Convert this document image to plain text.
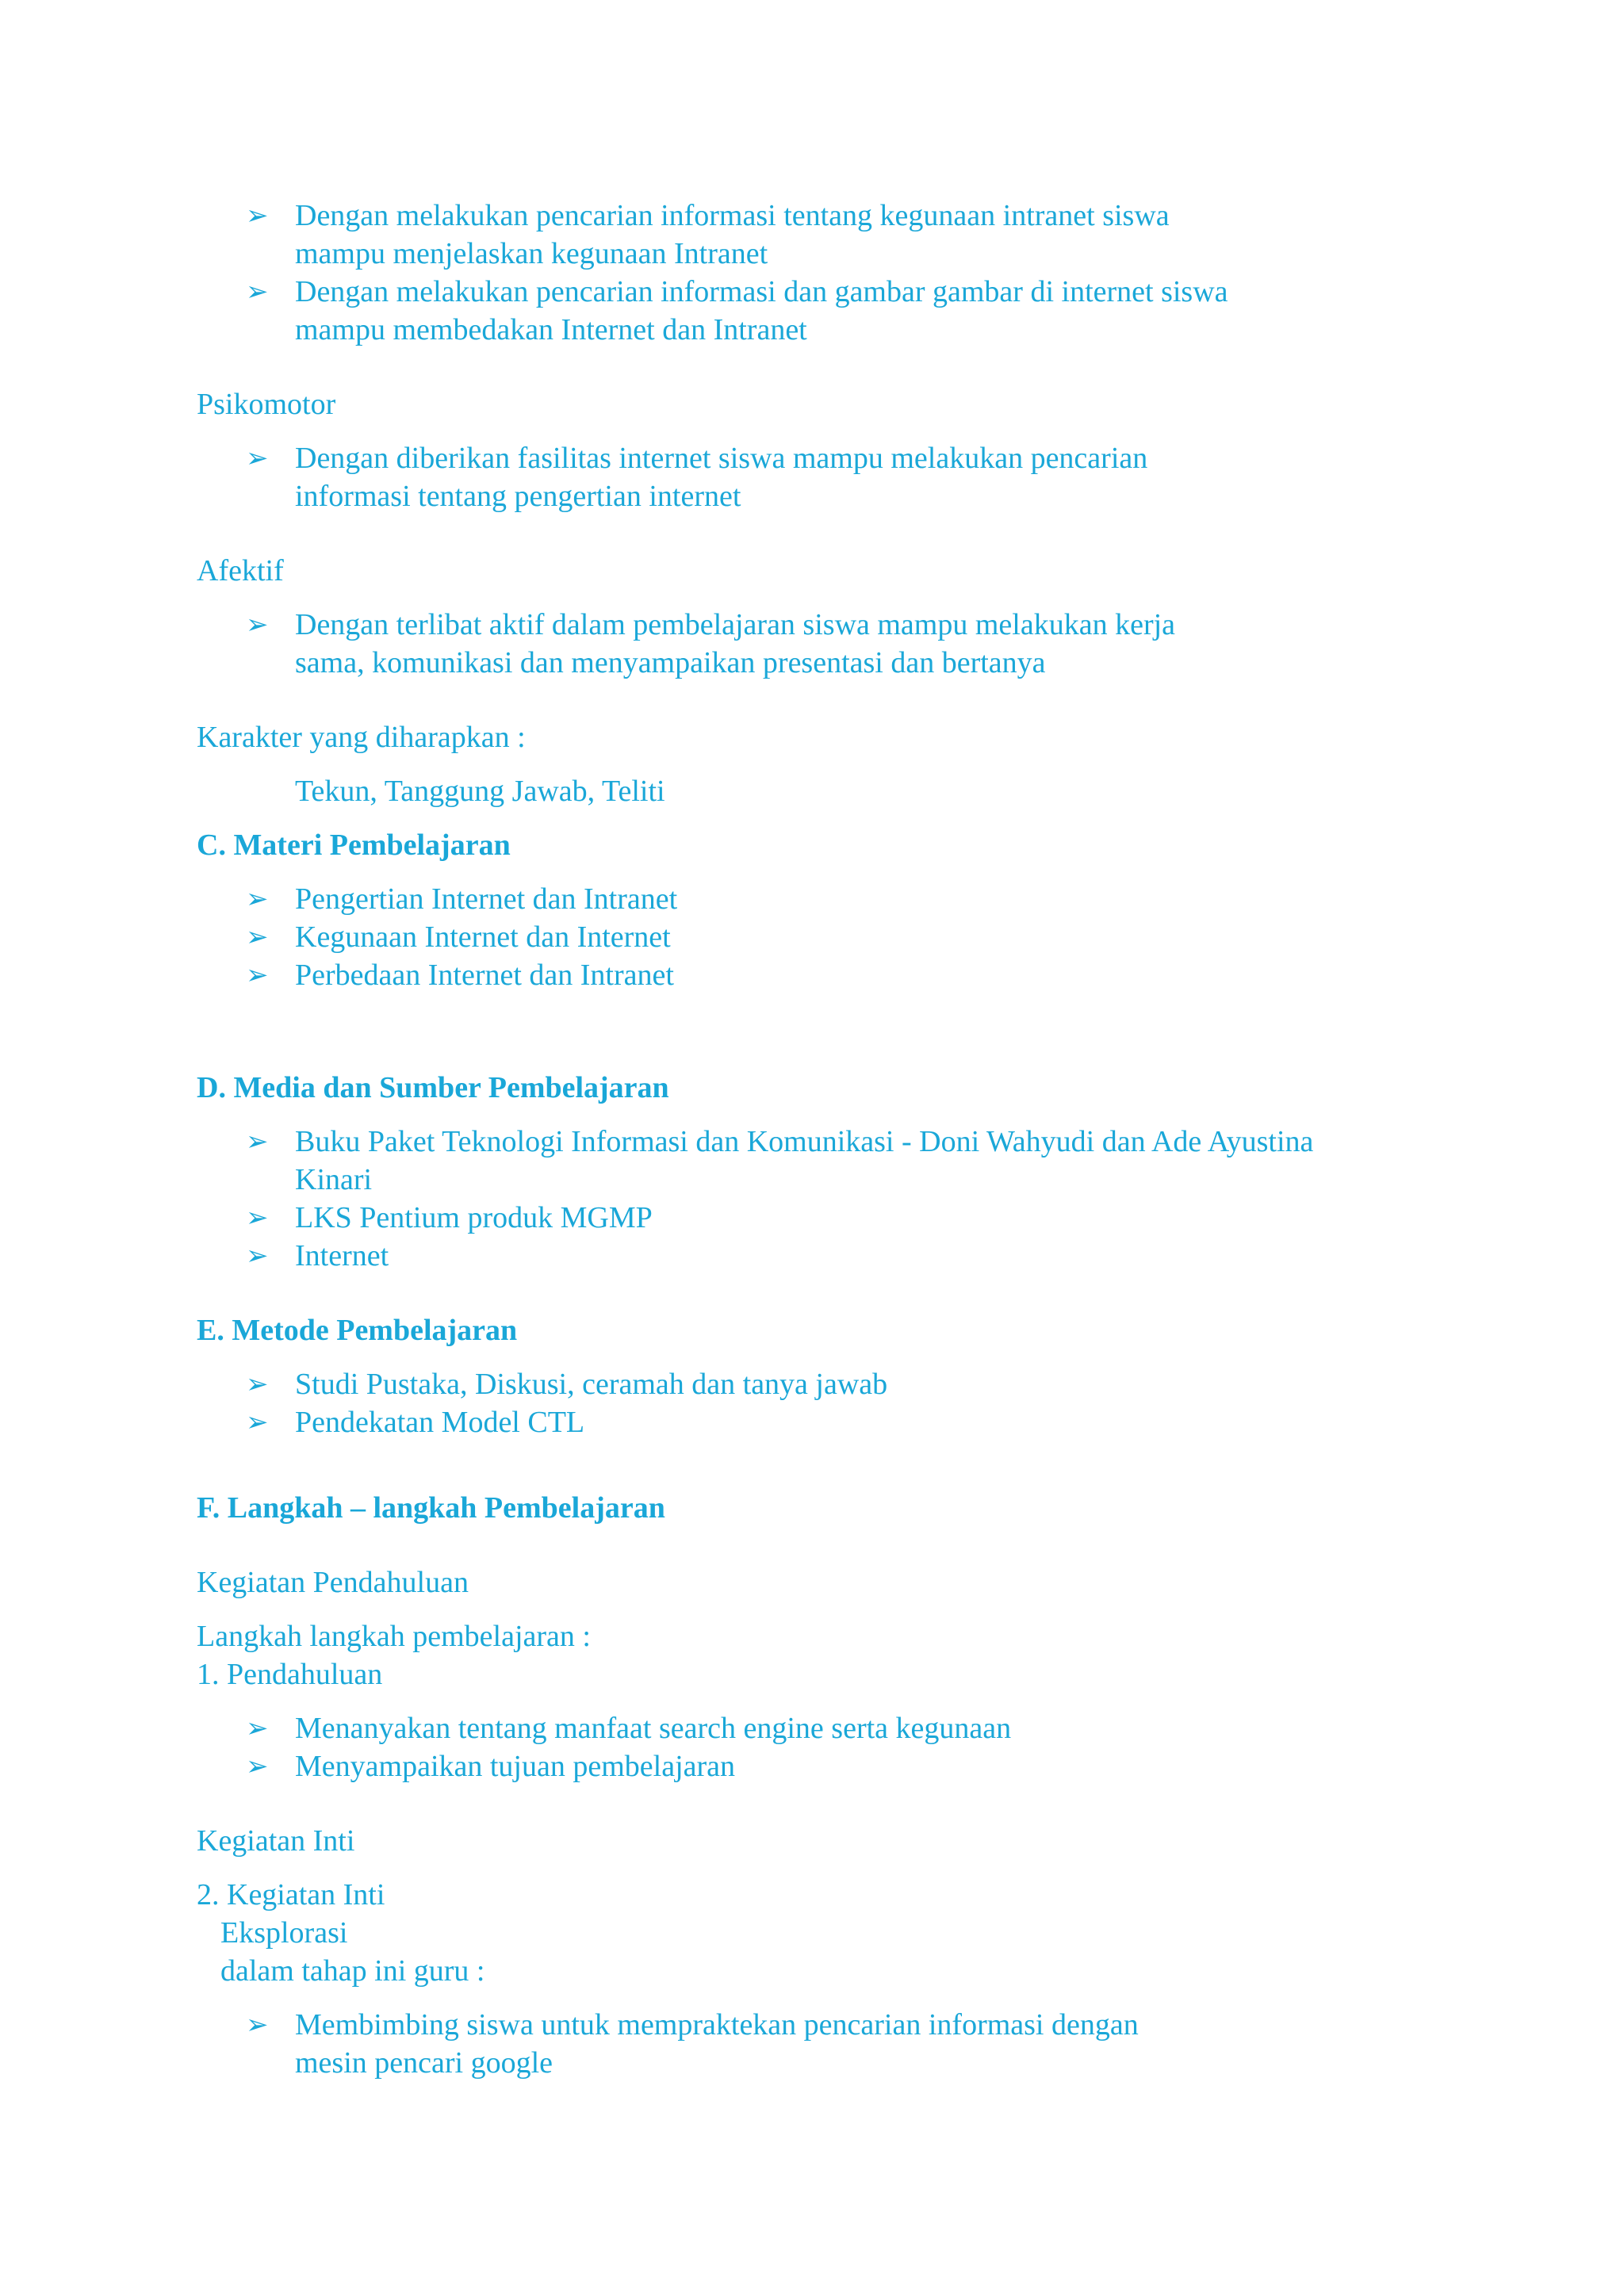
➢ Dengan melakukan pencarian informasi tentang kegunaan intranet siswa
mampu menjelaskan kegunaan Intranet
➢ Dengan melakukan pencarian informasi dan gambar gambar di internet siswa
mampu membedakan Internet dan Intranet
Psikomotor
➢ Dengan diberikan fasilitas internet siswa mampu melakukan pencarian
informasi tentang pengertian internet
Afektif
➢ Dengan terlibat aktif dalam pembelajaran siswa mampu melakukan kerja
sama, komunikasi dan menyampaikan presentasi dan bertanya
Karakter yang diharapkan :
Tekun, Tanggung Jawab, Teliti
C. Materi Pembelajaran
➢ Pengertian Internet dan Intranet
➢ Kegunaan Internet dan Internet
➢ Perbedaan Internet dan Intranet
D. Media dan Sumber Pembelajaran
➢ Buku Paket Teknologi Informasi dan Komunikasi - Doni Wahyudi dan Ade Ayustina
Kinari
➢ LKS Pentium produk MGMP
➢ Internet
E. Metode Pembelajaran
➢ Studi Pustaka, Diskusi, ceramah dan tanya jawab
➢ Pendekatan Model CTL
F. Langkah – langkah Pembelajaran
Kegiatan Pendahuluan
Langkah langkah pembelajaran :
1. Pendahuluan
➢ Menanyakan tentang manfaat search engine serta kegunaan
➢ Menyampaikan tujuan pembelajaran
Kegiatan Inti
2. Kegiatan Inti
Eksplorasi
dalam tahap ini guru :
➢ Membimbing siswa untuk mempraktekan pencarian informasi dengan
mesin pencari google
